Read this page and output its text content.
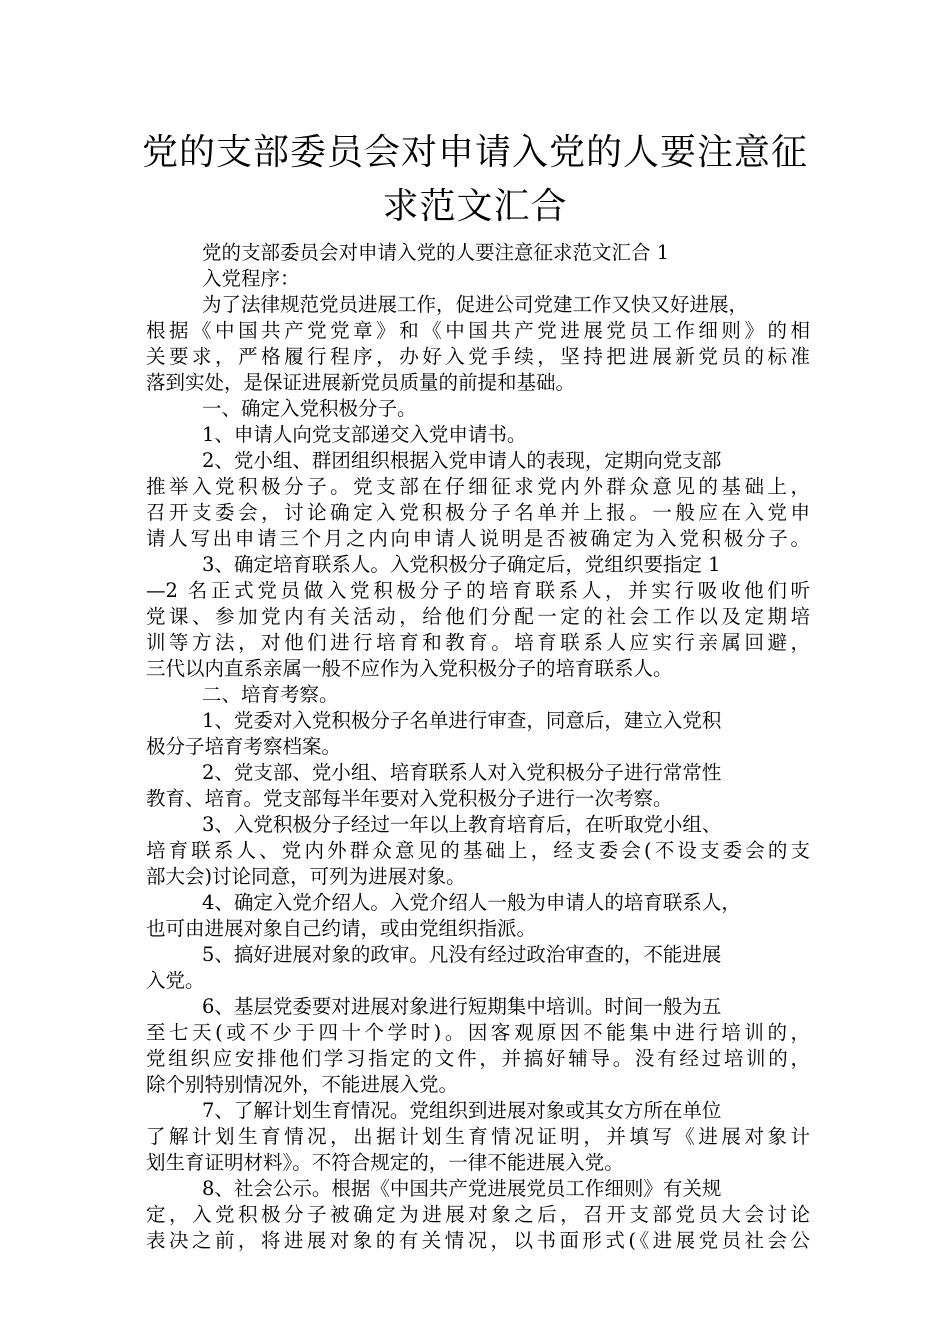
党的支部委员会对申请入党的人要注意征
求范文汇合
党的支部委员会对申请入党的人要注意征求范文汇合 1
入党程序：
为了法律规范党员进展工作，促进公司党建工作又快又好进展，
根据《中国共产党党章》和《中国共产党进展党员工作细则》的相
关要求，严格履行程序，办好入党手续，坚持把进展新党员的标准
落到实处，是保证进展新党员质量的前提和基础。
一、确定入党积极分子。
1、申请人向党支部递交入党申请书。
2、党小组、群团组织根据入党申请人的表现，定期向党支部
推举入党积极分子。党支部在仔细征求党内外群众意见的基础上，
召开支委会，讨论确定入党积极分子名单并上报。一般应在入党申
请人写出申请三个月之内向申请人说明是否被确定为入党积极分子。
3、确定培育联系人。入党积极分子确定后，党组织要指定 1
—2 名正式党员做入党积极分子的培育联系人，并实行吸收他们听
党课、参加党内有关活动，给他们分配一定的社会工作以及定期培
训等方法，对他们进行培育和教育。培育联系人应实行亲属回避，
三代以内直系亲属一般不应作为入党积极分子的培育联系人。
二、培育考察。
1、党委对入党积极分子名单进行审查，同意后，建立入党积
极分子培育考察档案。
2、党支部、党小组、培育联系人对入党积极分子进行常常性
教育、培育。党支部每半年要对入党积极分子进行一次考察。
3、入党积极分子经过一年以上教育培育后，在听取党小组、
培育联系人、党内外群众意见的基础上，经支委会(不设支委会的支
部大会)讨论同意，可列为进展对象。
4、确定入党介绍人。入党介绍人一般为申请人的培育联系人，
也可由进展对象自己约请，或由党组织指派。
5、搞好进展对象的政审。凡没有经过政治审查的，不能进展
入党。
6、基层党委要对进展对象进行短期集中培训。时间一般为五
至七天(或不少于四十个学时)。因客观原因不能集中进行培训的，
党组织应安排他们学习指定的文件，并搞好辅导。没有经过培训的，
除个别特别情况外，不能进展入党。
7、了解计划生育情况。党组织到进展对象或其女方所在单位
了解计划生育情况，出据计划生育情况证明，并填写《进展对象计
划生育证明材料》。不符合规定的，一律不能进展入党。
8、社会公示。根据《中国共产党进展党员工作细则》有关规
定，入党积极分子被确定为进展对象之后，召开支部党员大会讨论
表决之前，将进展对象的有关情况，以书面形式(《进展党员社会公
